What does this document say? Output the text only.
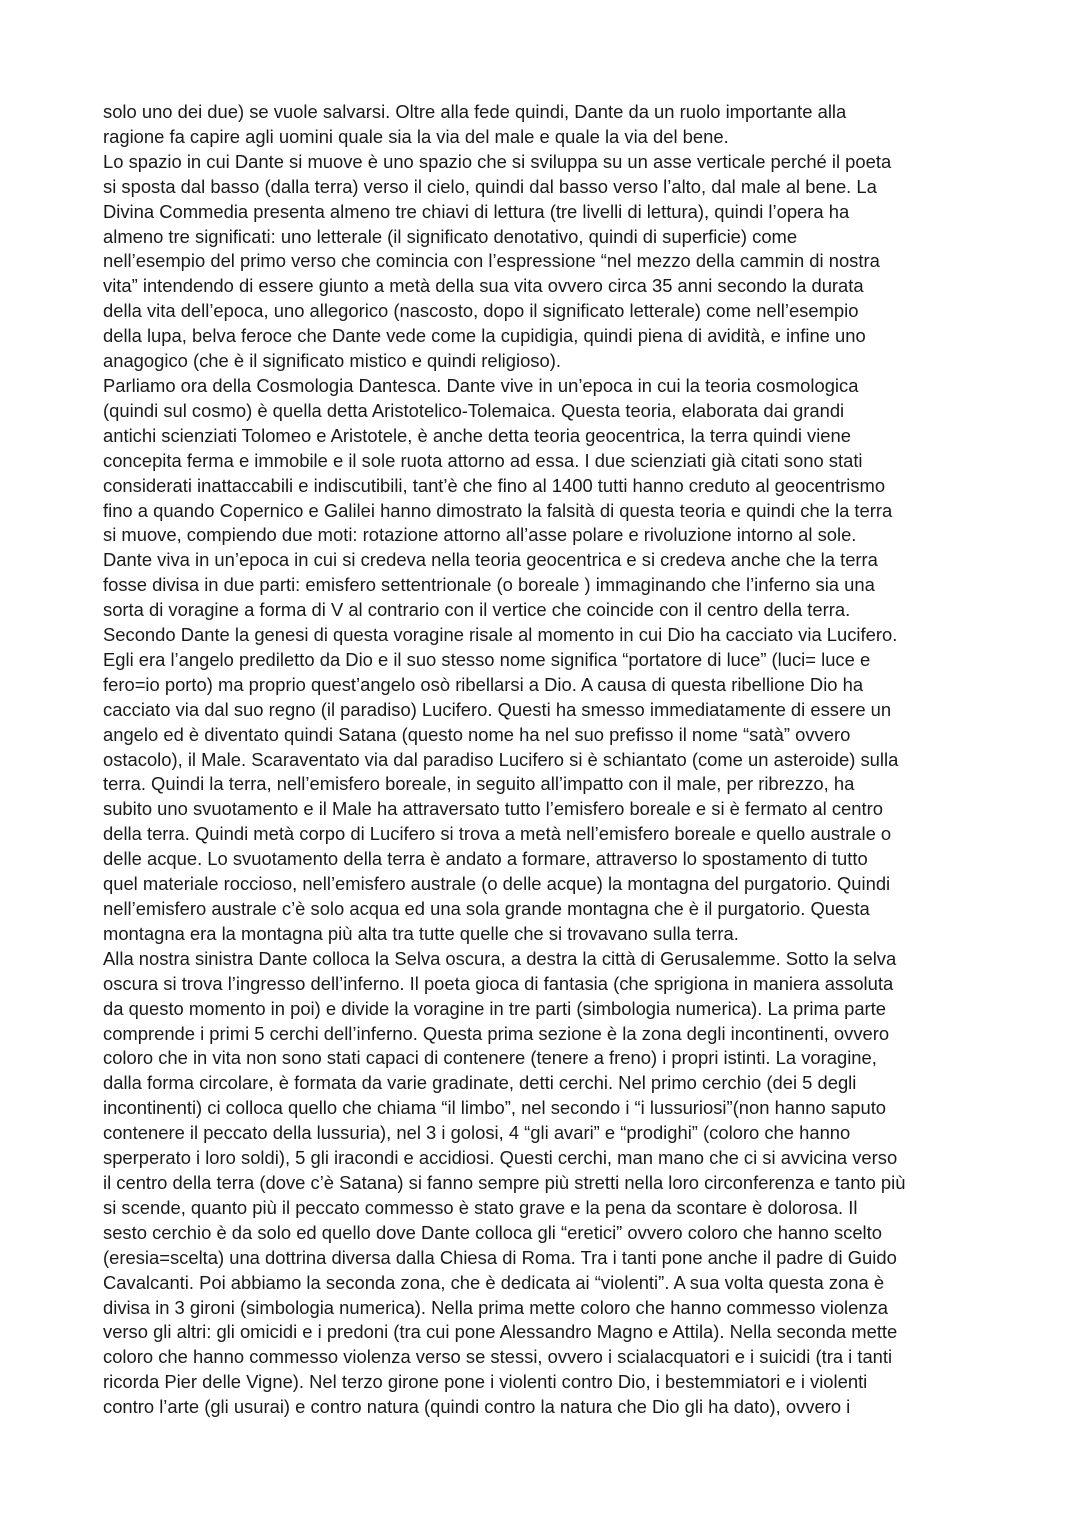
solo uno dei due) se vuole salvarsi. Oltre alla fede quindi, Dante da un ruolo importante alla
ragione fa capire agli uomini quale sia la via del male e quale la via del bene.

Lo spazio in cui Dante si muove è uno spazio che si sviluppa su un asse verticale perché il poeta
si sposta dal basso (dalla terra) verso il cielo, quindi dal basso verso l’alto, dal male al bene. La
Divina Commedia presenta almeno tre chiavi di lettura (tre livelli di lettura), quindi l’opera ha
almeno tre significati: uno letterale (il significato denotativo, quindi di superficie) come
nell’esempio del primo verso che comincia con l’espressione “nel mezzo della cammin di nostra
vita” intendendo di essere giunto a metà della sua vita ovvero circa 35 anni secondo la durata
della vita dell’epoca, uno allegorico (nascosto, dopo il significato letterale) come nell’esempio
della lupa, belva feroce che Dante vede come la cupidigia, quindi piena di avidità, e infine uno
anagogico (che è il significato mistico e quindi religioso).

Parliamo ora della Cosmologia Dantesca. Dante vive in un’epoca in cui la teoria cosmologica
(quindi sul cosmo) è quella detta Aristotelico-Tolemaica. Questa teoria, elaborata dai grandi
antichi scienziati Tolomeo e Aristotele, è anche detta teoria geocentrica, la terra quindi viene
concepita ferma e immobile e il sole ruota attorno ad essa. I due scienziati già citati sono stati
considerati inattaccabili e indiscutibili, tant’è che fino al 1400 tutti hanno creduto al geocentrismo
fino a quando Copernico e Galilei hanno dimostrato la falsità di questa teoria e quindi che la terra
si muove, compiendo due moti: rotazione attorno all’asse polare e rivoluzione intorno al sole.

Dante viva in un’epoca in cui si credeva nella teoria geocentrica e si credeva anche che la terra
fosse divisa in due parti: emisfero settentrionale (o boreale ) immaginando che l’inferno sia una
sorta di voragine a forma di V al contrario con il vertice che coincide con il centro della terra.

Secondo Dante la genesi di questa voragine risale al momento in cui Dio ha cacciato via Lucifero.
Egli era l’angelo prediletto da Dio e il suo stesso nome significa “portatore di luce” (luci= luce e
fero=io porto) ma proprio quest’angelo osò ribellarsi a Dio. A causa di questa ribellione Dio ha
cacciato via dal suo regno (il paradiso) Lucifero. Questi ha smesso immediatamente di essere un
angelo ed è diventato quindi Satana (questo nome ha nel suo prefisso il nome “satà” ovvero
ostacolo), il Male. Scaraventato via dal paradiso Lucifero si è schiantato (come un asteroide) sulla
terra. Quindi la terra, nell’emisfero boreale, in seguito all’impatto con il male, per ribrezzo, ha
subito uno svuotamento e il Male ha attraversato tutto l’emisfero boreale e si è fermato al centro
della terra. Quindi metà corpo di Lucifero si trova a metà nell’emisfero boreale e quello australe o
delle acque. Lo svuotamento della terra è andato a formare, attraverso lo spostamento di tutto
quel materiale roccioso, nell’emisfero australe (o delle acque) la montagna del purgatorio. Quindi
nell’emisfero australe c’è solo acqua ed una sola grande montagna che è il purgatorio. Questa
montagna era la montagna più alta tra tutte quelle che si trovavano sulla terra.

Alla nostra sinistra Dante colloca la Selva oscura, a destra la città di Gerusalemme. Sotto la selva
oscura si trova l’ingresso dell’inferno. Il poeta gioca di fantasia (che sprigiona in maniera assoluta
da questo momento in poi) e divide la voragine in tre parti (simbologia numerica). La prima parte
comprende i primi 5 cerchi dell’inferno. Questa prima sezione è la zona degli incontinenti, ovvero
coloro che in vita non sono stati capaci di contenere (tenere a freno) i propri istinti. La voragine,
dalla forma circolare, è formata da varie gradinate, detti cerchi. Nel primo cerchio (dei 5 degli
incontinenti) ci colloca quello che chiama “il limbo”, nel secondo i “i lussuriosi”(non hanno saputo
contenere il peccato della lussuria), nel 3 i golosi, 4 “gli avari” e “prodighi” (coloro che hanno
sperperato i loro soldi), 5 gli iracondi e accidiosi. Questi cerchi, man mano che ci si avvicina verso
il centro della terra (dove c’è Satana) si fanno sempre più stretti nella loro circonferenza e tanto più
si scende, quanto più il peccato commesso è stato grave e la pena da scontare è dolorosa. Il
sesto cerchio è da solo ed quello dove Dante colloca gli “eretici” ovvero coloro che hanno scelto
(eresia=scelta) una dottrina diversa dalla Chiesa di Roma. Tra i tanti pone anche il padre di Guido
Cavalcanti. Poi abbiamo la seconda zona, che è dedicata ai “violenti”. A sua volta questa zona è
divisa in 3 gironi (simbologia numerica). Nella prima mette coloro che hanno commesso violenza
verso gli altri: gli omicidi e i predoni (tra cui pone Alessandro Magno e Attila). Nella seconda mette
coloro che hanno commesso violenza verso se stessi, ovvero i scialacquatori e i suicidi (tra i tanti
ricorda Pier delle Vigne). Nel terzo girone pone i violenti contro Dio, i bestemmiatori e i violenti
contro l’arte (gli usurai) e contro natura (quindi contro la natura che Dio gli ha dato), ovvero i
